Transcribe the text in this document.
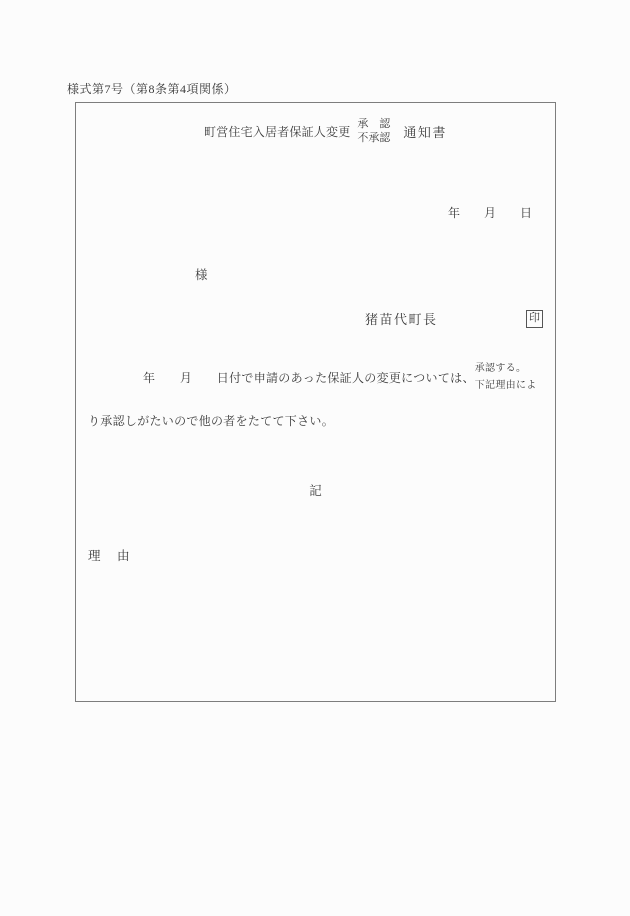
様式第7号（第8条第4項関係）
町営住宅入居者保証人変更
承　認
不承認 通知書
年　　月　　日
様
猪苗代町長	印
年　　月　　日付で申請のあった保証人の変更については、
承認する。
下記理由によ
り承認しがたいので他の者をたてて下さい。
記
理　由
